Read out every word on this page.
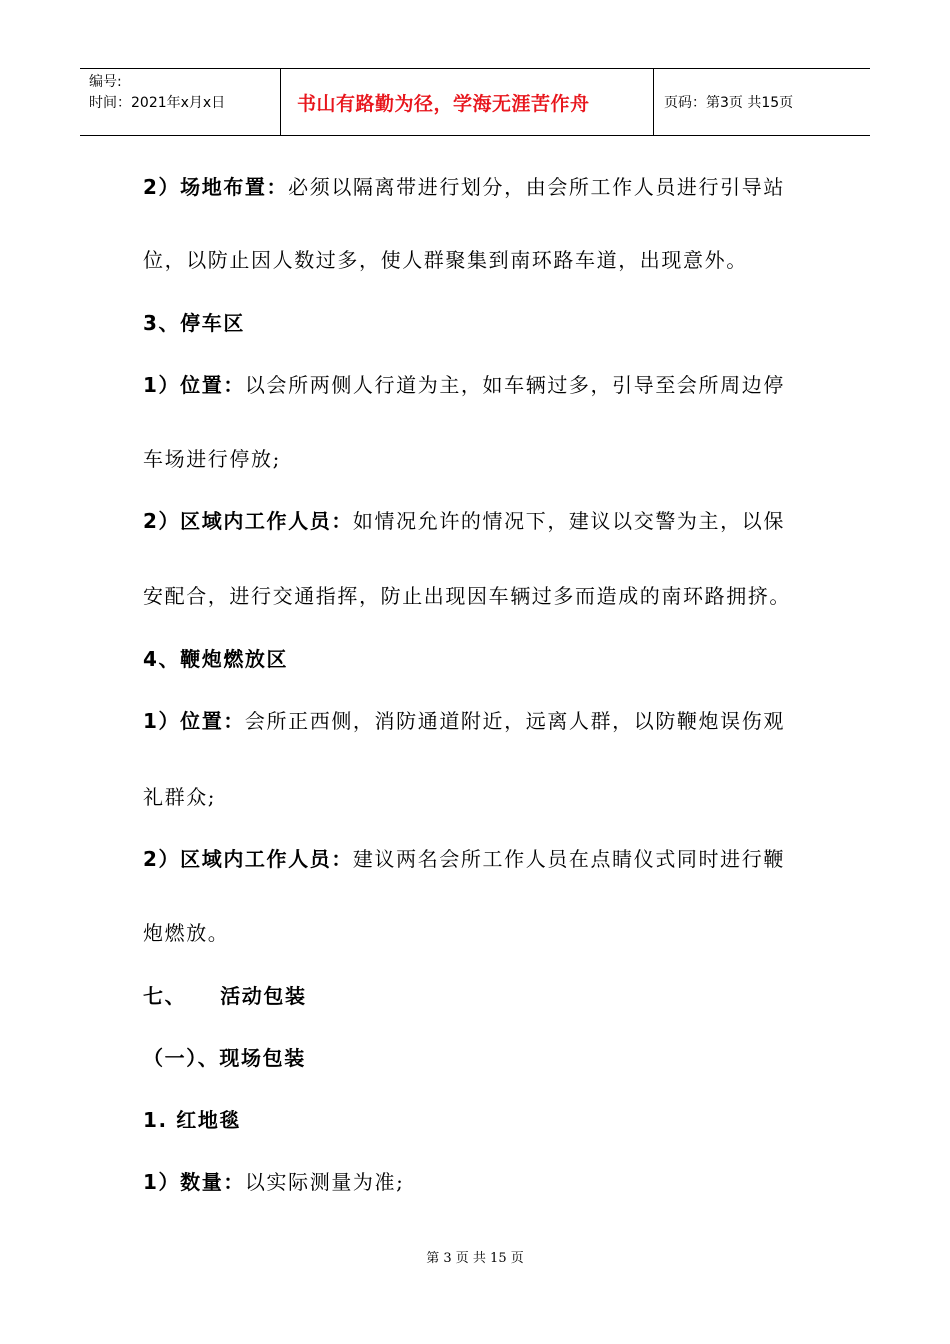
编号:
时间：2021年x月x日	书山有路勤为径，学海无涯苦作舟	页码：第3页 共15页
2）场地布置：必须以隔离带进行划分，由会所工作人员进行引导站
位，以防止因人数过多，使人群聚集到南环路车道，出现意外。
3、停车区
1）位置：以会所两侧人行道为主，如车辆过多，引导至会所周边停
车场进行停放;
2）区域内工作人员：如情况允许的情况下，建议以交警为主，以保
安配合，进行交通指挥，防止出现因车辆过多而造成的南环路拥挤。
4、鞭炮燃放区
1）位置：会所正西侧，消防通道附近，远离人群，以防鞭炮误伤观
礼群众;
2）区域内工作人员：建议两名会所工作人员在点睛仪式同时进行鞭
炮燃放。
七、 活动包装
（一）、现场包装
1. 红地毯
1）数量：以实际测量为准;
第 3 页 共 15 页
